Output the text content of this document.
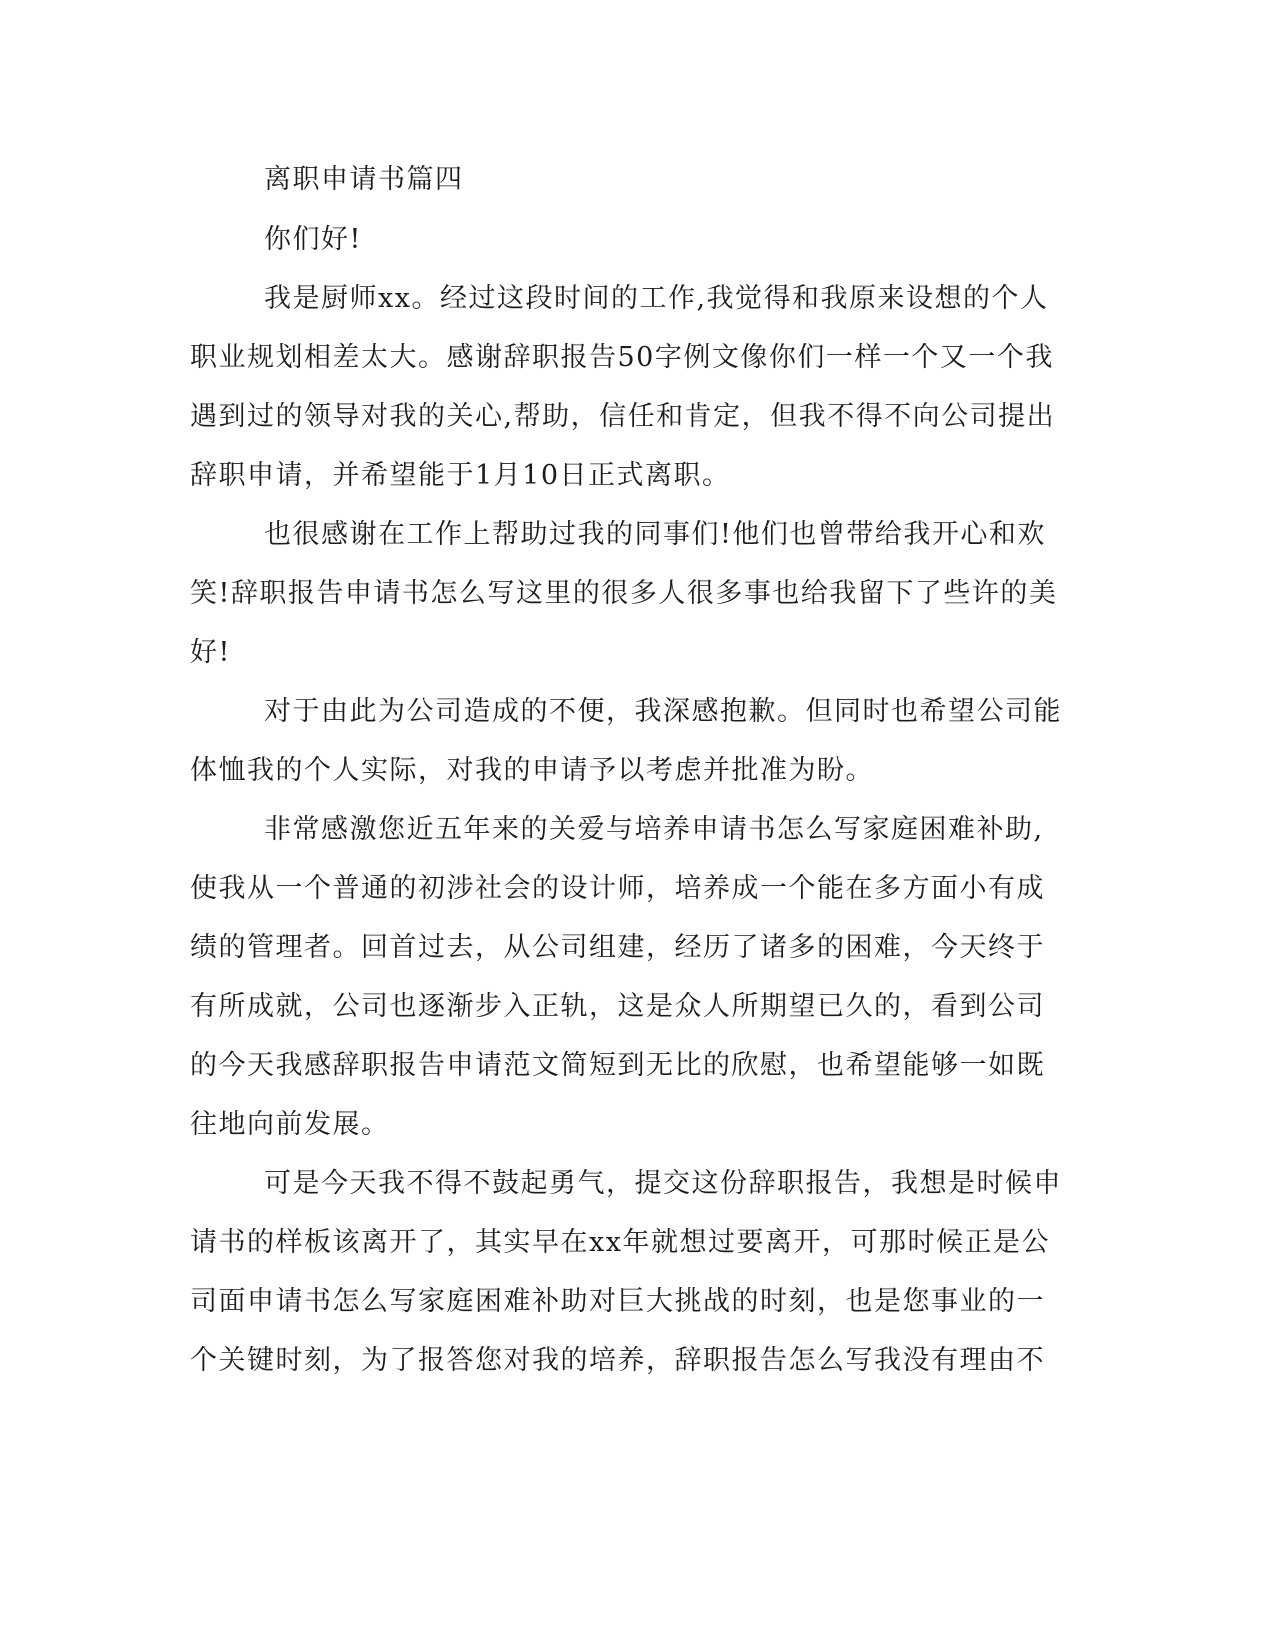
离职申请书篇四
你们好!
我是厨师xx。经过这段时间的工作,我觉得和我原来设想的个人
职业规划相差太大。感谢辞职报告50字例文像你们一样一个又一个我
遇到过的领导对我的关心,帮助，信任和肯定，但我不得不向公司提出
辞职申请，并希望能于1月10日正式离职。
也很感谢在工作上帮助过我的同事们!他们也曾带给我开心和欢
笑!辞职报告申请书怎么写这里的很多人很多事也给我留下了些许的美
好!
对于由此为公司造成的不便，我深感抱歉。但同时也希望公司能
体恤我的个人实际，对我的申请予以考虑并批准为盼。
非常感激您近五年来的关爱与培养申请书怎么写家庭困难补助,
使我从一个普通的初涉社会的设计师，培养成一个能在多方面小有成
绩的管理者。回首过去，从公司组建，经历了诸多的困难，今天终于
有所成就，公司也逐渐步入正轨，这是众人所期望已久的，看到公司
的今天我感辞职报告申请范文简短到无比的欣慰，也希望能够一如既
往地向前发展。
可是今天我不得不鼓起勇气，提交这份辞职报告，我想是时候申
请书的样板该离开了，其实早在xx年就想过要离开，可那时候正是公
司面申请书怎么写家庭困难补助对巨大挑战的时刻，也是您事业的一
个关键时刻，为了报答您对我的培养，辞职报告怎么写我没有理由不
